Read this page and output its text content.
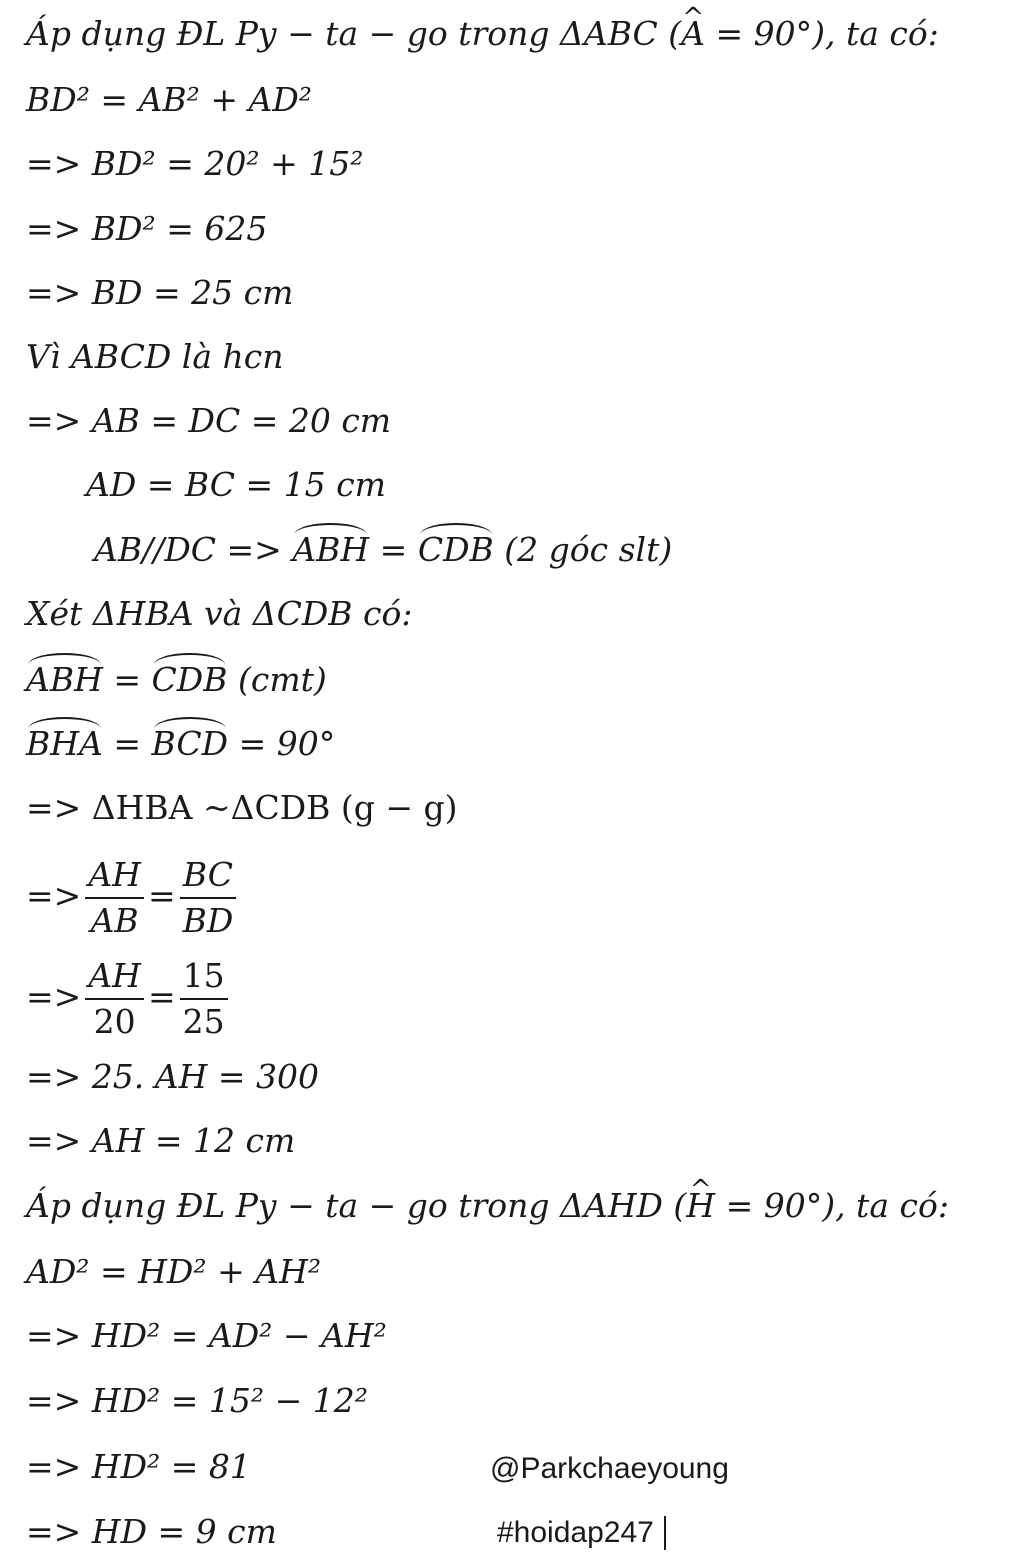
Áp dụng ĐL Py − ta − go trong ΔABC (^ A = 90°), ta có:
BD² = AB² + AD²
=> BD² = 20² + 15²
=> BD² = 625
=> BD = 25 cm
Vì ABCD là hcn
=> AB = DC = 20 cm
AD = BC = 15 cm
AB//DC => ABH = CDB (2 góc slt)
Xét ΔHBA và ΔCDB có:
ABH = CDB (cmt)
BHA = BCD = 90°
=> ΔHBA ~ΔCDB (g − g)
=> $\frac{AH}{AB} = \frac{BC}{BD}$
=> $\frac{AH}{20} = \frac{15}{25}$
=> 25. AH = 300
=> AH = 12 cm
Áp dụng ĐL Py − ta − go trong ΔAHD (^ H = 90°), ta có:
AD² = HD² + AH²
=> HD² = AD² − AH²
=> HD² = 15² − 12²
=> HD² = 81
=> HD = 9 cm
@Parkchaeyoung
#hoidap247
